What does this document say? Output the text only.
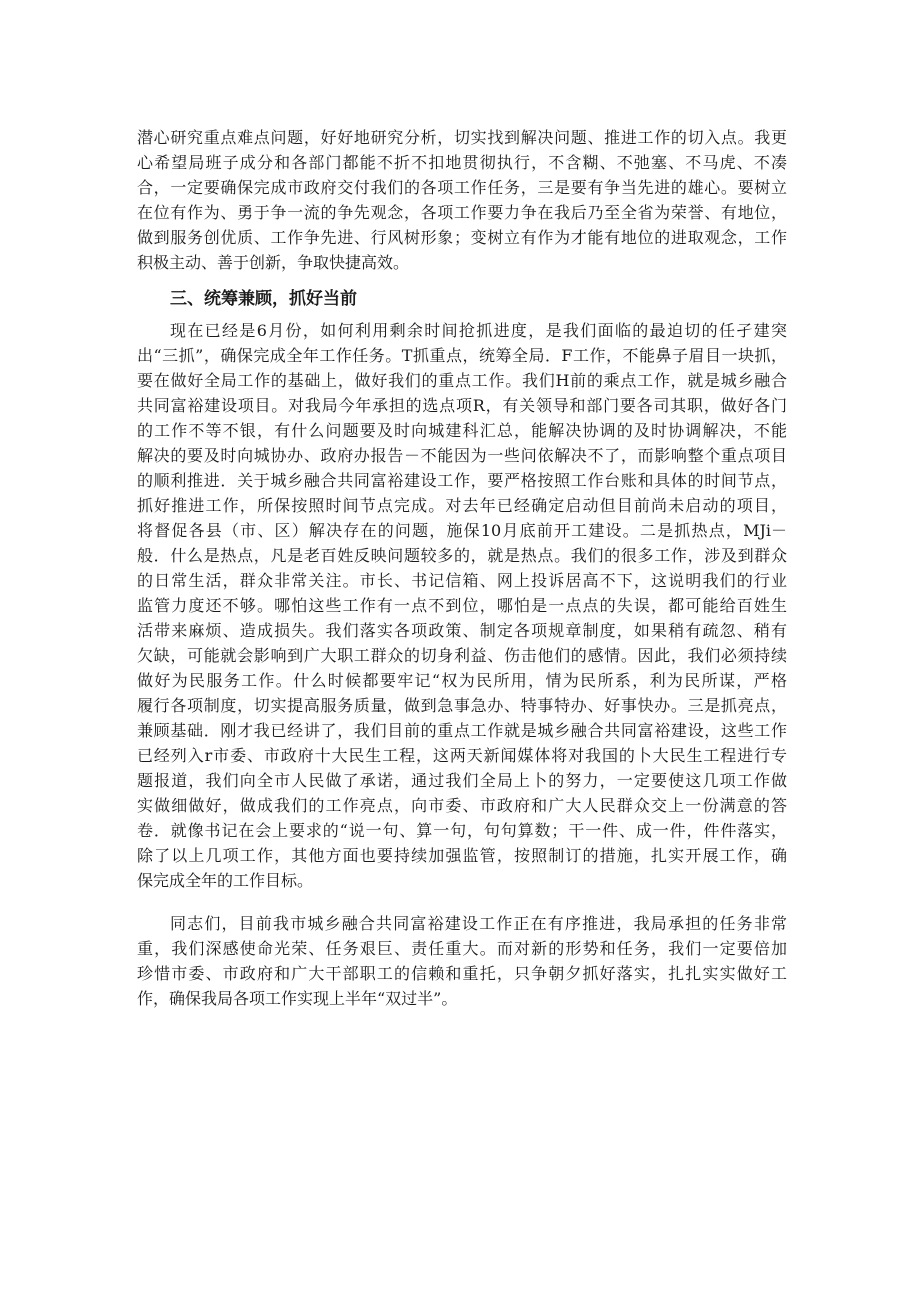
潜心研究重点难点问题，好好地研究分析，切实找到解决问题、推进工作的切入点。我更
心希望局班子成分和各部门都能不折不扣地贯彻执行，不含糊、不弛塞、不马虎、不凑
合，一定要确保完成市政府交付我们的各项工作任务，三是要有争当先进的雄心。要树立
在位有作为、勇于争一流的争先观念，各项工作要力争在我后乃至全省为荣誉、有地位，
做到服务创优质、工作争先进、行风树形象；变树立有作为才能有地位的进取观念，工作
积极主动、善于创新，争取快捷高效。
三、统筹兼顾，抓好当前
现在已经是6月份，如何利用剩余时间抢抓进度，是我们面临的最迫切的任孑建突
出“三抓”，确保完成全年工作任务。T抓重点，统筹全局．F工作，不能鼻子眉目一块抓，
要在做好全局工作的基础上，做好我们的重点工作。我们H前的乘点工作，就是城乡融合
共同富裕建设项目。对我局今年承担的选点项R，有关领导和部门要各司其职，做好各门
的工作不等不银，有什么问题要及时向城建科汇总，能解决协调的及时协调解决，不能
解决的要及时向城协办、政府办报告－不能因为一些问依解决不了，而影响整个重点项目
的顺利推进．关于城乡融合共同富裕建设工作，要严格按照工作台账和具体的时间节点，
抓好推进工作，所保按照时间节点完成。对去年已经确定启动但目前尚未启动的项目，
将督促各县（市、区）解决存在的问题，施保10月底前开工建设。二是抓热点，MJi－
般．什么是热点，凡是老百姓反映问题较多的，就是热点。我们的很多工作，涉及到群众
的日常生活，群众非常关注。市长、书记信箱、网上投诉居高不下，这说明我们的行业
监管力度还不够。哪怕这些工作有一点不到位，哪怕是一点点的失误，都可能给百姓生
活带来麻烦、造成损失。我们落实各项政策、制定各项规章制度，如果稍有疏忽、稍有
欠缺，可能就会影响到广大职工群众的切身利益、伤击他们的感情。因此，我们必须持续
做好为民服务工作。什么时候都要牢记“权为民所用，情为民所系，利为民所谋，严格
履行各项制度，切实提高服务质量，做到急事急办、特事特办、好事快办。三是抓亮点，
兼顾基础．刚才我已经讲了，我们目前的重点工作就是城乡融合共同富裕建设，这些工作
已经列入r市委、市政府十大民生工程，这两天新闻媒体将对我国的卜大民生工程进行专
题报道，我们向全市人民做了承诺，通过我们全局上卜的努力，一定要使这几项工作做
实做细做好，做成我们的工作亮点，向市委、市政府和广大人民群众交上一份满意的答
卷．就像书记在会上要求的“说一句、算一句，句句算数；干一件、成一件，件件落实，
除了以上几项工作，其他方面也要持续加强监管，按照制订的措施，扎实开展工作，确
保完成全年的工作目标。
同志们，目前我市城乡融合共同富裕建设工作正在有序推进，我局承担的任务非常
重，我们深感使命光荣、任务艰巨、责任重大。而对新的形势和任务，我们一定要倍加
珍惜市委、市政府和广大干部职工的信赖和重托，只争朝夕抓好落实，扎扎实实做好工
作，确保我局各项工作实现上半年“双过半”。
